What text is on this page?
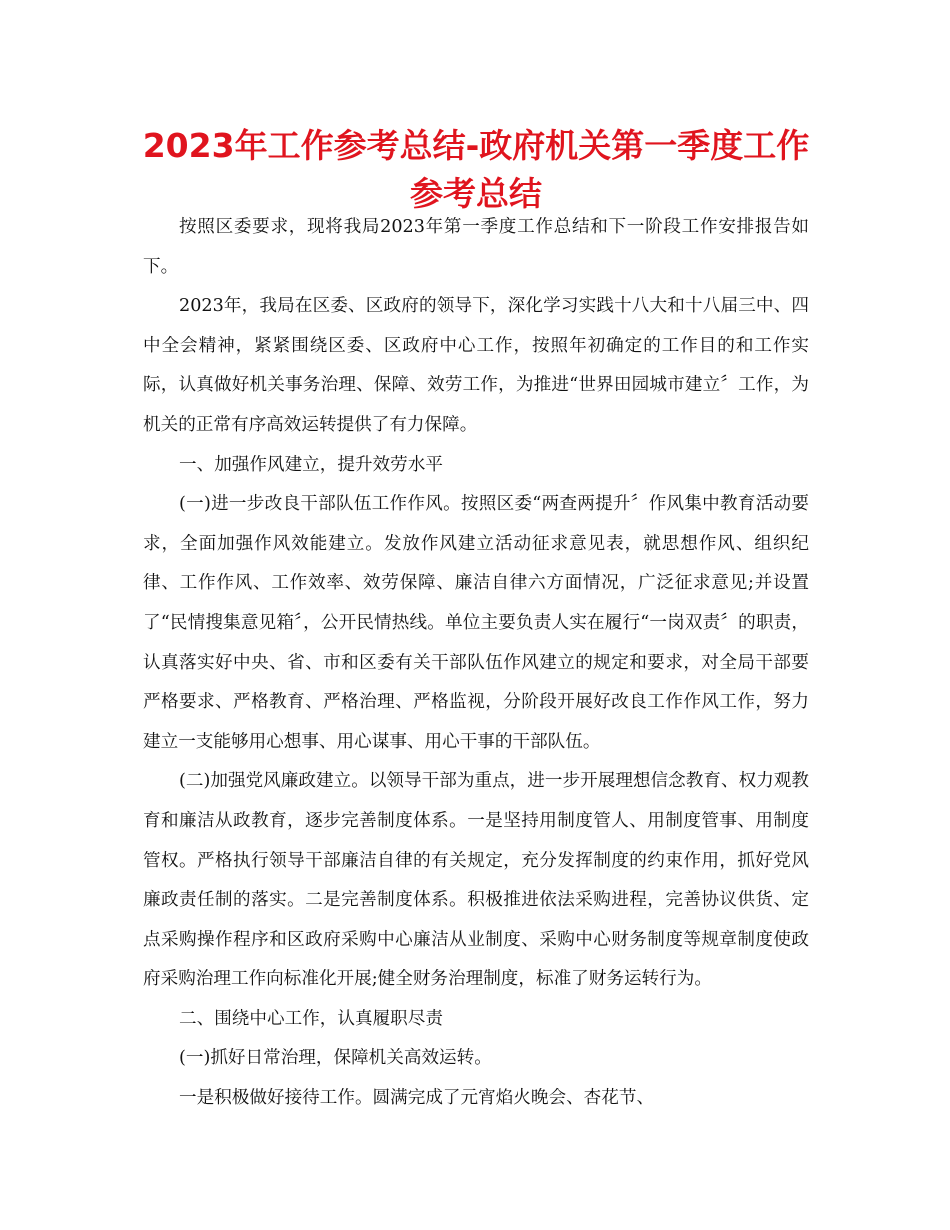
2023年工作参考总结-政府机关第一季度工作参考总结

按照区委要求，现将我局2023年第一季度工作总结和下一阶段工作安排报告如下。

2023年，我局在区委、区政府的领导下，深化学习实践十八大和十八届三中、四中全会精神，紧紧围绕区委、区政府中心工作，按照年初确定的工作目的和工作实际，认真做好机关事务治理、保障、效劳工作，为推进“世界田园城市建立〞工作，为机关的正常有序高效运转提供了有力保障。

一、加强作风建立，提升效劳水平

(一)进一步改良干部队伍工作作风。按照区委“两查两提升〞作风集中教育活动要求，全面加强作风效能建立。发放作风建立活动征求意见表，就思想作风、组织纪律、工作作风、工作效率、效劳保障、廉洁自律六方面情况，广泛征求意见;并设置了“民情搜集意见箱〞，公开民情热线。单位主要负责人实在履行“一岗双责〞的职责，认真落实好中央、省、市和区委有关干部队伍作风建立的规定和要求，对全局干部要严格要求、严格教育、严格治理、严格监视，分阶段开展好改良工作作风工作，努力建立一支能够用心想事、用心谋事、用心干事的干部队伍。

(二)加强党风廉政建立。以领导干部为重点，进一步开展理想信念教育、权力观教育和廉洁从政教育，逐步完善制度体系。一是坚持用制度管人、用制度管事、用制度管权。严格执行领导干部廉洁自律的有关规定，充分发挥制度的约束作用，抓好党风廉政责任制的落实。二是完善制度体系。积极推进依法采购进程，完善协议供货、定点采购操作程序和区政府采购中心廉洁从业制度、采购中心财务制度等规章制度使政府采购治理工作向标准化开展;健全财务治理制度，标准了财务运转行为。

二、围绕中心工作，认真履职尽责

(一)抓好日常治理，保障机关高效运转。

一是积极做好接待工作。圆满完成了元宵焰火晚会、杏花节、
